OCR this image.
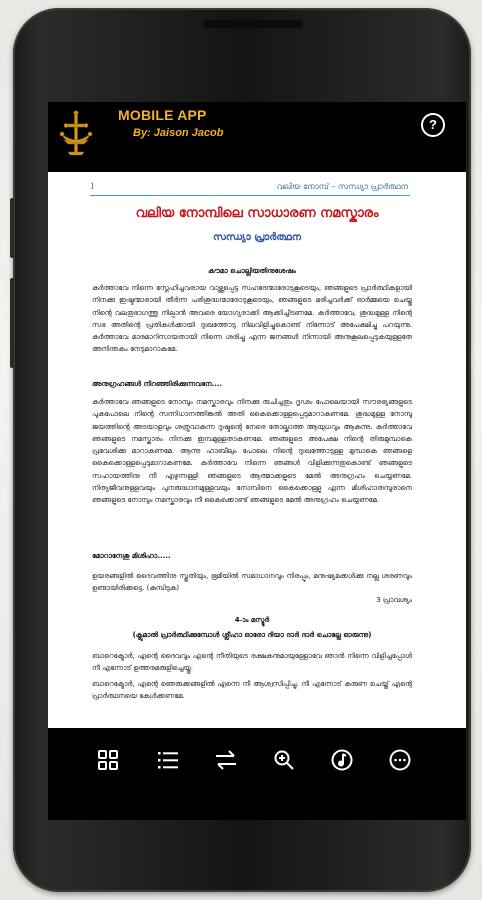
MOBILE APP
By: Jaison Jacob
?
1	വലിയ നോമ്പ് – സന്ധ്യാ പ്രാർത്ഥന
വലിയ നോമ്പിലെ സാധാരണ നമസ്കാരം
സന്ധ്യാ പ്രാർത്ഥന
കൗമാ ചൊല്ലിയതിനുശേഷം
കർത്താവേ നിന്നെ സ്നേഹിച്ചവരായ വാഴ്ത്തപ്പെട്ട സഹദേന്മാരോടുകൂടെയും, ഞങ്ങളുടെ പ്രാർത്ഥികളായി നിനക്കു ഇഷ്ടന്മാരായി തീർന്ന പരിശുദ്ധന്മാരോടുകൂടെയും, ഞങ്ങളുടെ മരിച്ചവർക്ക് ഓർമ്മയെ ചെയ്തു നിന്റെ വലതുഭാഗത്തു നില്പാൻ അവരെ യോഗ്യരാക്കി ആക്കിച്ചീടണമേ. കർത്താവേ, ശുദ്ധമുള്ള നിന്റെ സഭ അതിന്റെ പ്രതികൾക്കായി ദുഃഖത്തോടു നിലവിളിച്ചുകൊണ്ട് നിന്നോട് അപേക്ഷിച്ചു പറയുന്നു. കർത്താവേ മാരമാറിസായതായി നിന്നെ ശരിച്ചു എന്ന ജനങ്ങൾ നിന്നായി അനുകൂലപ്പെടുകയുള്ളതേ അനിന്തകം നേടുമാറാകമേ.
അനുഗ്രഹങ്ങൾ നിറഞ്ഞിരിക്കുന്നവനേ....
കർത്താവേ ഞങ്ങളുടെ നോമ്പും നമസ്കാരവും നിനക്കു രുചിച്ചതും ദൃഢം പോലെയായി സൗരഭ്യങ്ങളുടെ പുകപോലെ നിന്റെ സന്നിധാനത്തിങ്കൽ അതി കൈക്കൊള്ളപ്പെടുമാറാകണമേ. ശുദ്ധമുള്ള നോമ്പു ജയത്തിന്റെ അടയാളവും ശത്രുവാകുന്ന ദുഷ്ടന്റെ നേരെ തോല്കാത്ത ആയുധവും ആകുന്നു. കർത്താവേ ഞങ്ങളുടെ നമസ്കാരം നിനക്കു ഇമ്പമുള്ളതാകണമേ. ഞങ്ങളുടെ അപേക്ഷ നിന്റെ തിരുമുമ്പാകെ പ്രവേശിക്കു മാറാകണമേ. ആന്നു ഹാബീലും പോലെ നിന്റെ ദുഃഖത്തോടുള്ള മുമ്പാകെ ഞങ്ങളെ കൈക്കൊള്ളപ്പെടുമാറാകണമേ. കർത്താവേ നിന്നെ ഞങ്ങൾ വിളിക്കുന്നതുകൊണ്ട് ഞങ്ങളുടെ സഹായത്തിനു നീ എഴുന്നള്ളി ഞങ്ങളുടെ ആത്മാക്കളുടെ മേൽ അനുഗ്രഹം ചെയ്യണമേ. നിത്യജീവനുള്ളവയും പുനരുദ്ധാനമുള്ളവയും നോമ്പിനെ കൈക്കൊള്ളു എന്ന മിശിഹാതമ്പുരാനെ ഞങ്ങളുടെ നോമ്പും നമസ്കാരവും നീ കൈക്കൊണ്ട് ഞങ്ങളുടെ മേൽ അനുഗ്രഹം ചെയ്യണമേ.
മോറാനേശു മിശിഹാ.....
ഉയരങ്ങളിൽ ദൈവത്തിനു സ്തുതിയും, ഭൂമിയിൽ സമാധാനവും നിരപ്പും, മനുഷ്യമക്കൾക്കു നല്ല ശരണവും ഉണ്ടായിരിക്കട്ടെ. (കുമ്പിടുക)
3 പ്രാവശ്യം
4-ാം മസ്മൂർ
(ക്ലുമാൽ പ്രാർത്ഥിക്കുമ്പോൾ ശ്ലീഹാ ഓരോ ദിയാ ദാർ ദാർ ചൊല്ലേ ഓരുന്നു)
ബാറെക്മോർ, എന്റെ ദൈവവും എന്റെ നീതിയുടെ രക്ഷകനുമായുള്ളോവേ ഞാൻ നിന്നെ വിളിച്ചപ്പോൾ നീ എന്നോട് ഉത്തരമരുളിച്ചെയ്തു.
ബാറെക്മോർ, എന്റെ ഞെരുക്കങ്ങളിൽ എന്നെ നീ ആശ്വസിപ്പിച്ചു. നീ എന്നോട് കരുണ ചെയ്ത് എന്റെ പ്രാർത്ഥനയെ കേൾക്കണമേ.
